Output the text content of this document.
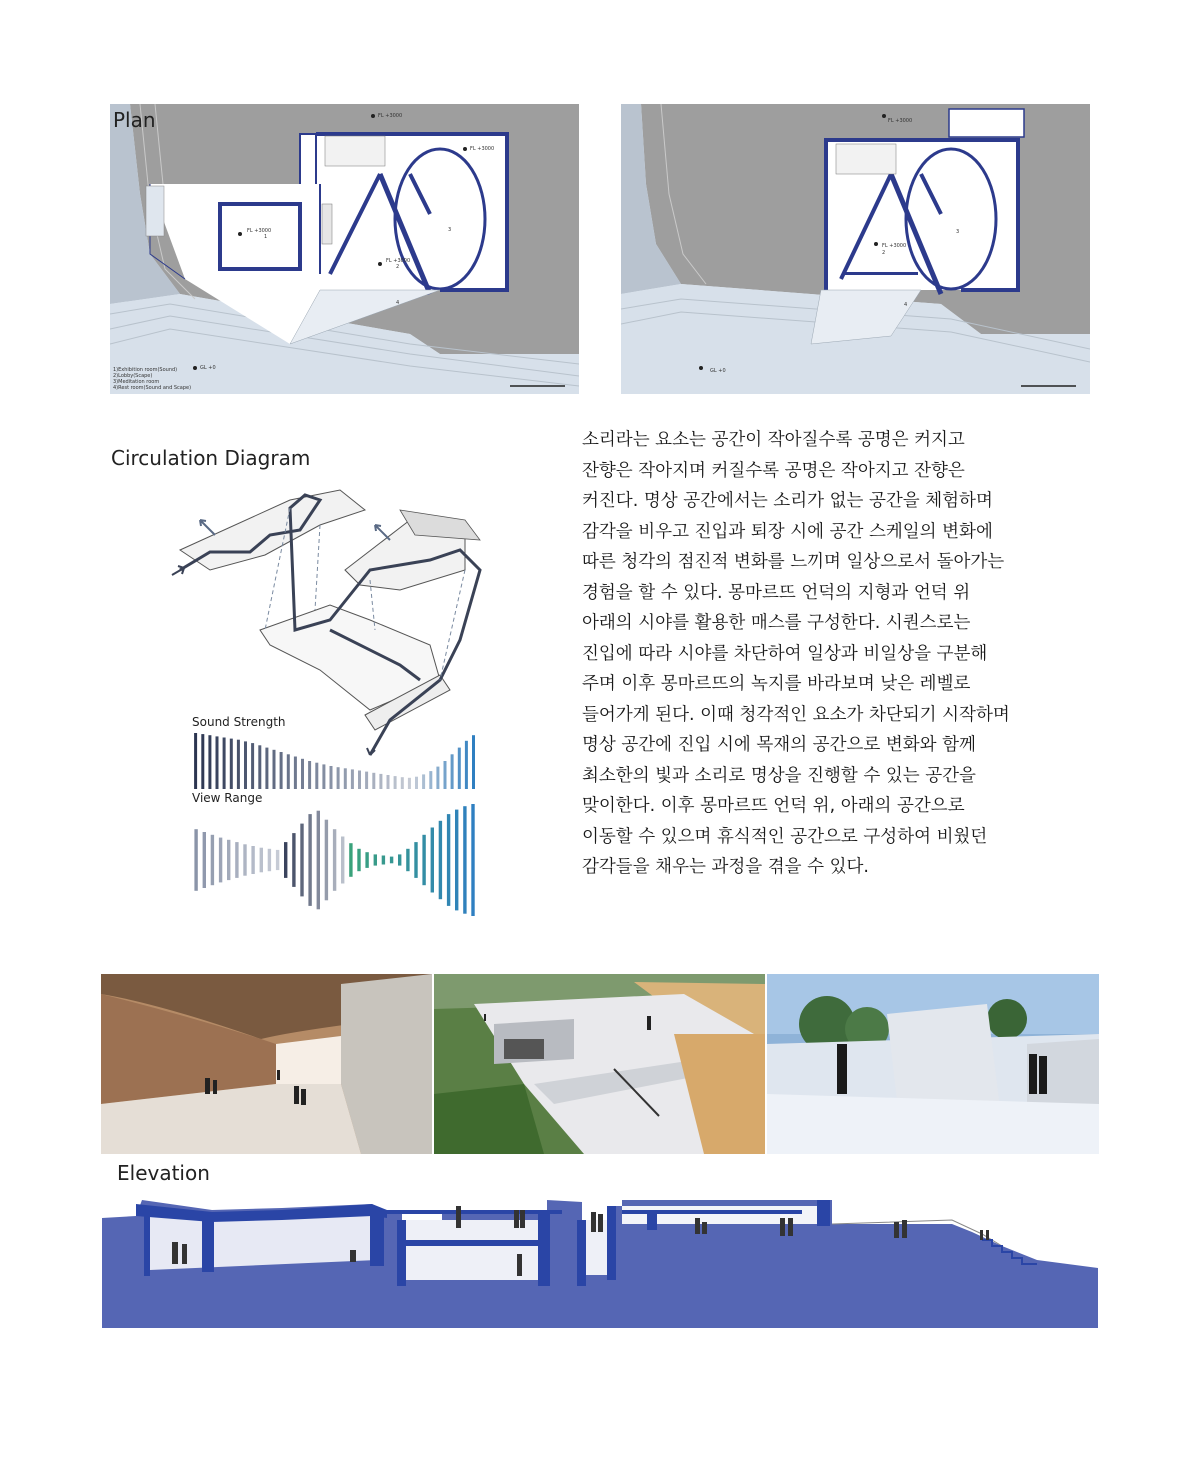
Plan	FL +3000
FL +3000
FL +3000
FL +3000
1
2
3
4
GL +0
1)Exhibition room(Sound)
2)Lobby(Scape)
3)Meditation room
4)Rest room(Sound and Scape)
FL +3000
FL +3000
2
3
4
GL +0
Circulation Diagram
Sound Strength
View Range
소리라는 요소는 공간이 작아질수록 공명은 커지고
잔향은 작아지며 커질수록 공명은 작아지고 잔향은
커진다. 명상 공간에서는 소리가 없는 공간을 체험하며
감각을 비우고 진입과 퇴장 시에 공간 스케일의 변화에
따른 청각의 점진적 변화를 느끼며 일상으로서 돌아가는
경험을 할 수 있다. 몽마르뜨 언덕의 지형과 언덕 위
아래의 시야를 활용한 매스를 구성한다. 시퀀스로는
진입에 따라 시야를 차단하여 일상과 비일상을 구분해
주며 이후 몽마르뜨의 녹지를 바라보며 낮은 레벨로
들어가게 된다. 이때 청각적인 요소가 차단되기 시작하며
명상 공간에 진입 시에 목재의 공간으로 변화와 함께
최소한의 빛과 소리로 명상을 진행할 수 있는 공간을
맞이한다. 이후 몽마르뜨 언덕 위, 아래의 공간으로
이동할 수 있으며 휴식적인 공간으로 구성하여 비웠던
감각들을 채우는 과정을 겪을 수 있다.
Elevation
